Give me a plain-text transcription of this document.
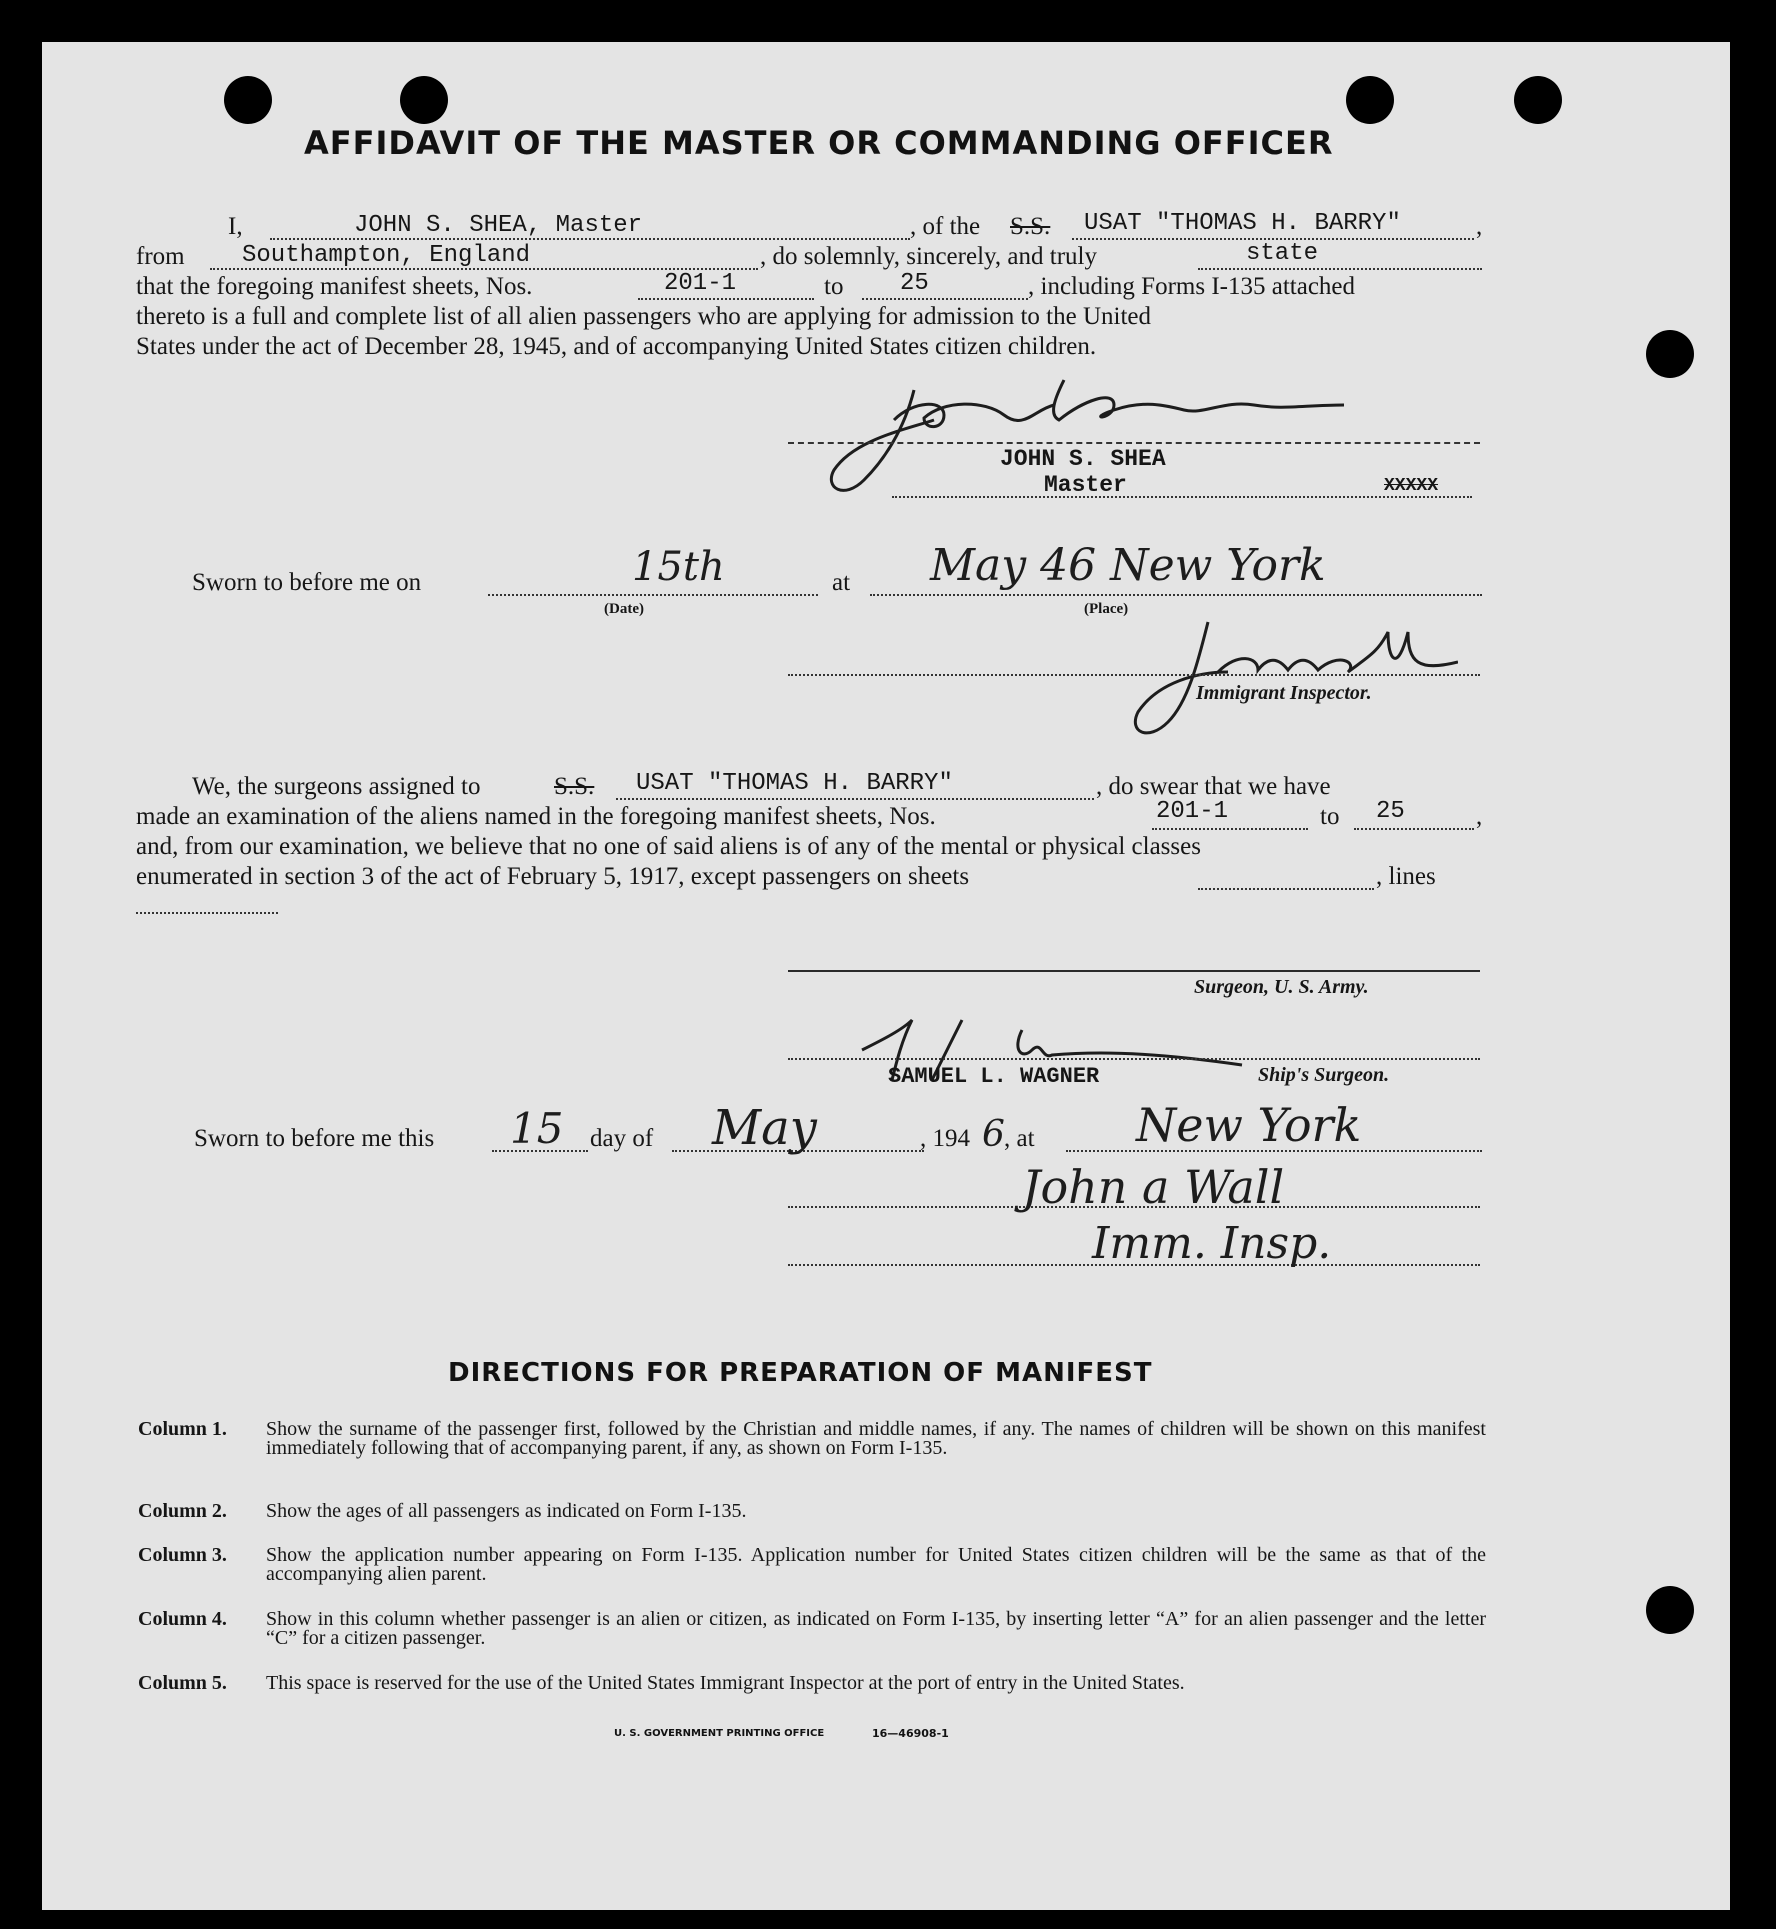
AFFIDAVIT OF THE MASTER OR COMMANDING OFFICER
I,	JOHN S. SHEA, Master	, of the S.S. USAT "THOMAS H. BARRY"	,
from Southampton, England	, do solemnly, sincerely, and truly	state
that the foregoing manifest sheets, Nos.	201-1	to 25	, including Forms I-135 attached
thereto is a full and complete list of all alien passengers who are applying for admission to the United
States under the act of December 28, 1945, and of accompanying United States citizen children.
JOHN S. SHEA
Master	XXXXX
Sworn to before me on	15th
(Date)
at May 46 New York
(Place)
Immigrant Inspector.
We, the surgeons assigned to	S.S. USAT "THOMAS H. BARRY"	, do swear that we have
made an examination of the aliens named in the foregoing manifest sheets, Nos.	201-1	to 25	,
and, from our examination, we believe that no one of said aliens is of any of the mental or physical classes
enumerated in section 3 of the act of February 5, 1917, except passengers on sheets	, lines
Surgeon, U. S. Army.
SAMUEL L. WAGNER	Ship's Surgeon.
Sworn to before me this 15 day of May	, 194 6 , at New York
John a Wall
Imm. Insp.
DIRECTIONS FOR PREPARATION OF MANIFEST
Column 1. Show the surname of the passenger first, followed by the Christian and middle names, if any. The names of children will be shown on this manifest immediately following that of accompanying parent, if any, as shown on Form I-135.
Column 2. Show the ages of all passengers as indicated on Form I-135.
Column 3. Show the application number appearing on Form I-135. Application number for United States citizen children will be the same as that of the accompanying alien parent.
Column 4. Show in this column whether passenger is an alien or citizen, as indicated on Form I-135, by inserting letter “A” for an alien passenger and the letter “C” for a citizen passenger.
Column 5. This space is reserved for the use of the United States Immigrant Inspector at the port of entry in the United States.
U. S. GOVERNMENT PRINTING OFFICE	16—46908-1
